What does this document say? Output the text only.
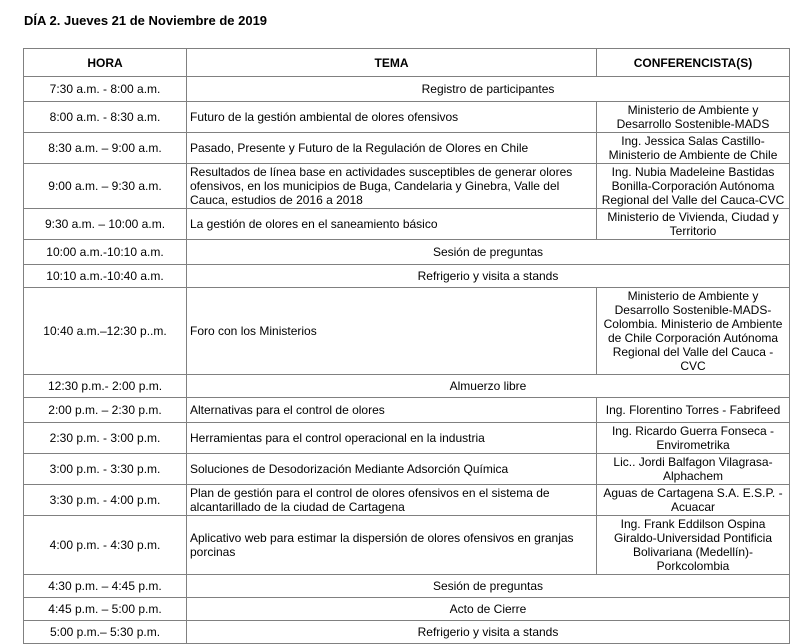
DÍA 2. Jueves 21 de Noviembre de 2019
HORA	TEMA	CONFERENCISTA(S)
7:30 a.m. - 8:00 a.m.	Registro de participantes	
8:00 a.m. - 8:30 a.m.	Futuro de la gestión ambiental de olores ofensivos	Ministerio de Ambiente y Desarrollo Sostenible-MADS
8:30 a.m. – 9:00 a.m.	Pasado, Presente y Futuro de la Regulación de Olores en Chile	Ing. Jessica Salas Castillo-Ministerio de Ambiente de Chile
9:00 a.m. – 9:30 a.m.	Resultados de línea base en actividades susceptibles de generar olores ofensivos, en los municipios de Buga, Candelaria y Ginebra, Valle del Cauca, estudios de 2016 a 2018	Ing. Nubia Madeleine Bastidas Bonilla-Corporación Autónoma Regional del Valle del Cauca-CVC
9:30 a.m. – 10:00 a.m.	La gestión de olores en el saneamiento básico	Ministerio de Vivienda, Ciudad y Territorio
10:00 a.m.-10:10 a.m.	Sesión de preguntas	
10:10 a.m.-10:40 a.m.	Refrigerio y visita a stands	
10:40 a.m.–12:30 p..m.	Foro con los Ministerios	Ministerio de Ambiente y Desarrollo Sostenible-MADS-Colombia. Ministerio de Ambiente de Chile Corporación Autónoma Regional del Valle del Cauca - CVC
12:30 p.m.- 2:00 p.m.	Almuerzo libre	
2:00 p.m. – 2:30 p.m.	Alternativas para el control de olores	Ing. Florentino Torres - Fabrifeed
2:30 p.m. - 3:00 p.m.	Herramientas para el control operacional en la industria	Ing. Ricardo Guerra Fonseca - Envirometrika
3:00 p.m. - 3:30 p.m.	Soluciones de Desodorización Mediante Adsorción Química	Lic.. Jordi Balfagon Vilagrasa-Alphachem
3:30 p.m. - 4:00 p.m.	Plan de gestión para el control de olores ofensivos en el sistema de alcantarillado de la ciudad de Cartagena	Aguas de Cartagena S.A. E.S.P. -Acuacar
4:00 p.m. - 4:30 p.m.	Aplicativo web para estimar la dispersión de olores ofensivos en granjas porcinas	Ing. Frank Eddilson Ospina Giraldo-Universidad Pontificia Bolivariana (Medellín)-Porkcolombia
4:30 p.m. – 4:45 p.m.	Sesión de preguntas	
4:45 p.m. – 5:00 p.m.	Acto de Cierre	
5:00 p.m.– 5:30 p.m.	Refrigerio y visita a stands	
